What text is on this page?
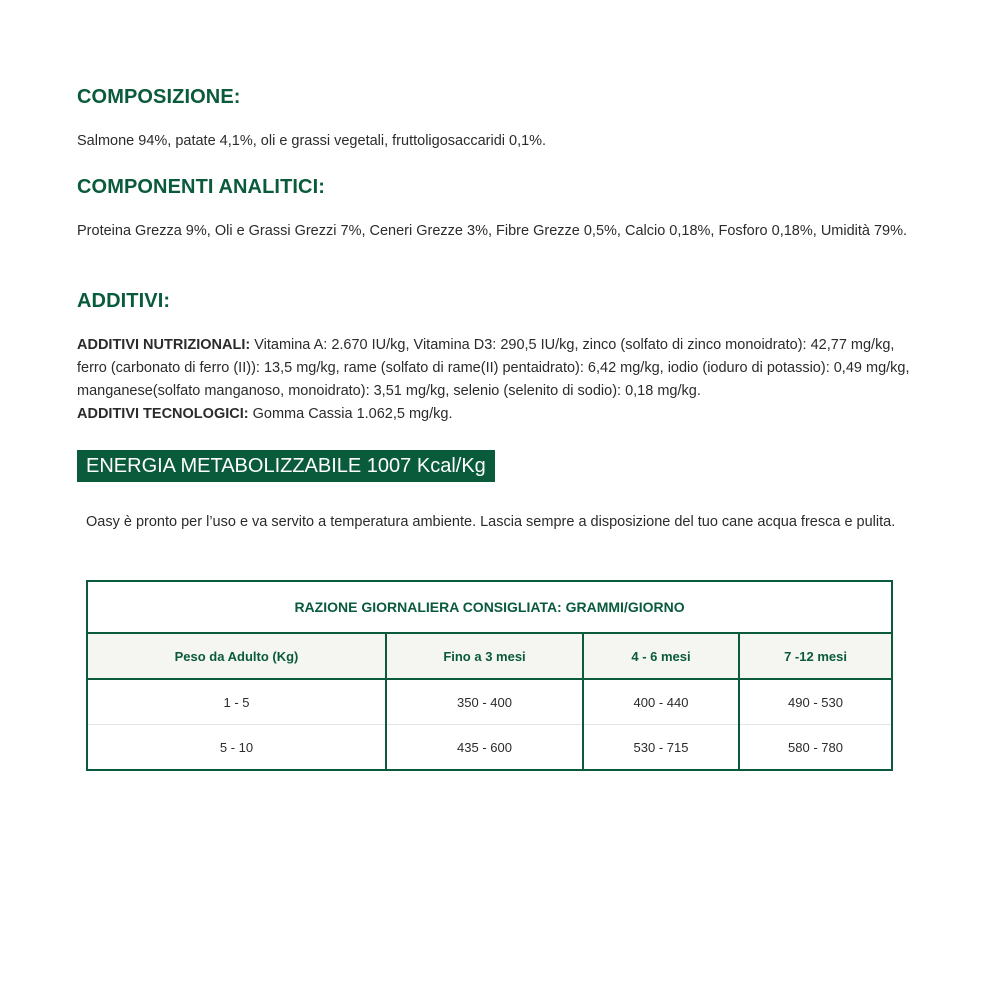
COMPOSIZIONE:

Salmone 94%, patate 4,1%, oli e grassi vegetali, fruttoligosaccaridi 0,1%.

COMPONENTI ANALITICI:

Proteina Grezza 9%, Oli e Grassi Grezzi 7%, Ceneri Grezze 3%, Fibre Grezze 0,5%, Calcio 0,18%, Fosforo 0,18%, Umidità 79%.

ADDITIVI:

ADDITIVI NUTRIZIONALI: Vitamina A: 2.670 IU/kg, Vitamina D3: 290,5 IU/kg, zinco (solfato di zinco monoidrato): 42,77 mg/kg, ferro (carbonato di ferro (II)): 13,5 mg/kg, rame (solfato di rame(II) pentaidrato): 6,42 mg/kg, iodio (ioduro di potassio): 0,49 mg/kg, manganese(solfato manganoso, monoidrato): 3,51 mg/kg, selenio (selenito di sodio): 0,18 mg/kg.
ADDITIVI TECNOLOGICI: Gomma Cassia 1.062,5 mg/kg.

ENERGIA METABOLIZZABILE 1007 Kcal/Kg

Oasy è pronto per l’uso e va servito a temperatura ambiente. Lascia sempre a disposizione del tuo cane acqua fresca e pulita.

RAZIONE GIORNALIERA CONSIGLIATA: GRAMMI/GIORNO			
Peso da Adulto (Kg)	Fino a 3 mesi	4 - 6 mesi	7 -12 mesi
1 - 5	350 - 400	400 - 440	490 - 530
5 - 10	435 - 600	530 - 715	580 - 780
